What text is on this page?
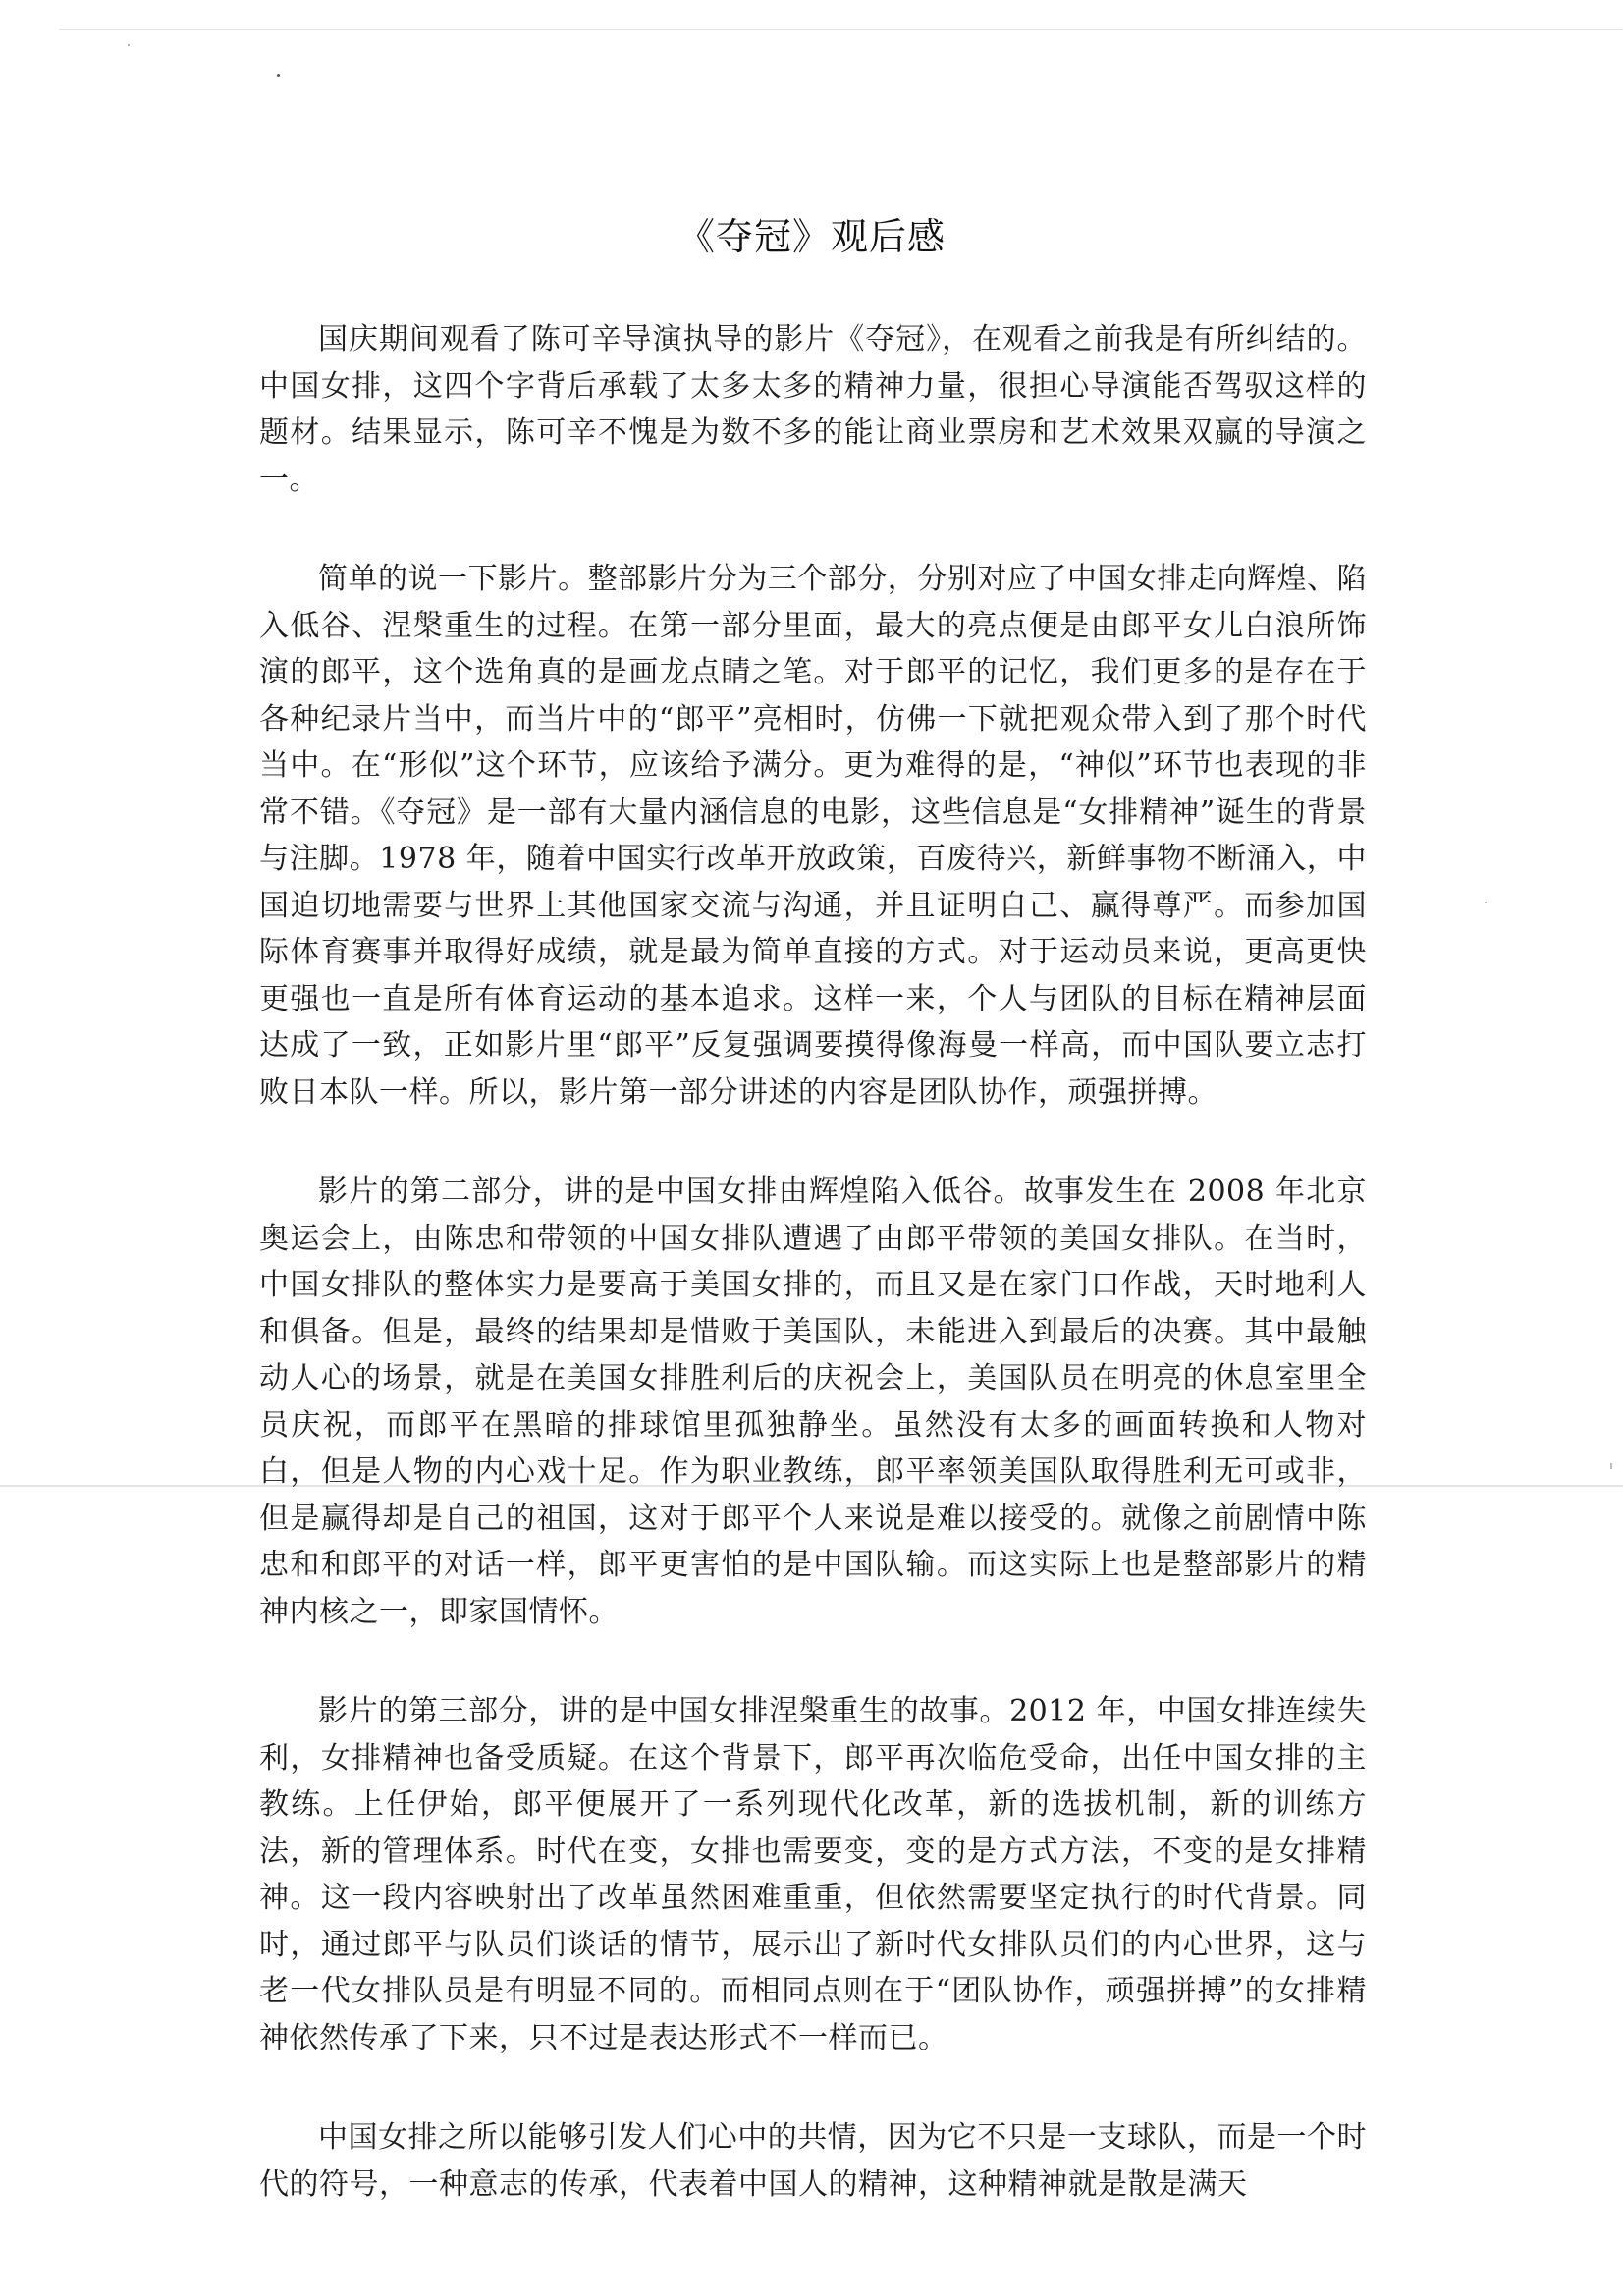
《夺冠》观后感

国庆期间观看了陈可辛导演执导的影片《夺冠》，在观看之前我是有所纠结的。中国女排，这四个字背后承载了太多太多的精神力量，很担心导演能否驾驭这样的题材。结果显示，陈可辛不愧是为数不多的能让商业票房和艺术效果双赢的导演之一。

简单的说一下影片。整部影片分为三个部分，分别对应了中国女排走向辉煌、陷入低谷、涅槃重生的过程。在第一部分里面，最大的亮点便是由郎平女儿白浪所饰演的郎平，这个选角真的是画龙点睛之笔。对于郎平的记忆，我们更多的是存在于各种纪录片当中，而当片中的“郎平”亮相时，仿佛一下就把观众带入到了那个时代当中。在“形似”这个环节，应该给予满分。更为难得的是，“神似”环节也表现的非常不错。《夺冠》是一部有大量内涵信息的电影，这些信息是“女排精神”诞生的背景与注脚。1978 年，随着中国实行改革开放政策，百废待兴，新鲜事物不断涌入，中国迫切地需要与世界上其他国家交流与沟通，并且证明自己、赢得尊严。而参加国际体育赛事并取得好成绩，就是最为简单直接的方式。对于运动员来说，更高更快更强也一直是所有体育运动的基本追求。这样一来，个人与团队的目标在精神层面达成了一致，正如影片里“郎平”反复强调要摸得像海曼一样高，而中国队要立志打败日本队一样。所以，影片第一部分讲述的内容是团队协作，顽强拼搏。

影片的第二部分，讲的是中国女排由辉煌陷入低谷。故事发生在 2008 年北京奥运会上，由陈忠和带领的中国女排队遭遇了由郎平带领的美国女排队。在当时，中国女排队的整体实力是要高于美国女排的，而且又是在家门口作战，天时地利人和俱备。但是，最终的结果却是惜败于美国队，未能进入到最后的决赛。其中最触动人心的场景，就是在美国女排胜利后的庆祝会上，美国队员在明亮的休息室里全员庆祝，而郎平在黑暗的排球馆里孤独静坐。虽然没有太多的画面转换和人物对白，但是人物的内心戏十足。作为职业教练，郎平率领美国队取得胜利无可或非，但是赢得却是自己的祖国，这对于郎平个人来说是难以接受的。就像之前剧情中陈忠和和郎平的对话一样，郎平更害怕的是中国队输。而这实际上也是整部影片的精神内核之一，即家国情怀。

影片的第三部分，讲的是中国女排涅槃重生的故事。2012 年，中国女排连续失利，女排精神也备受质疑。在这个背景下，郎平再次临危受命，出任中国女排的主教练。上任伊始，郎平便展开了一系列现代化改革，新的选拔机制，新的训练方法，新的管理体系。时代在变，女排也需要变，变的是方式方法，不变的是女排精神。这一段内容映射出了改革虽然困难重重，但依然需要坚定执行的时代背景。同时，通过郎平与队员们谈话的情节，展示出了新时代女排队员们的内心世界，这与老一代女排队员是有明显不同的。而相同点则在于“团队协作，顽强拼搏”的女排精神依然传承了下来，只不过是表达形式不一样而已。

中国女排之所以能够引发人们心中的共情，因为它不只是一支球队，而是一个时代的符号，一种意志的传承，代表着中国人的精神，这种精神就是散是满天
